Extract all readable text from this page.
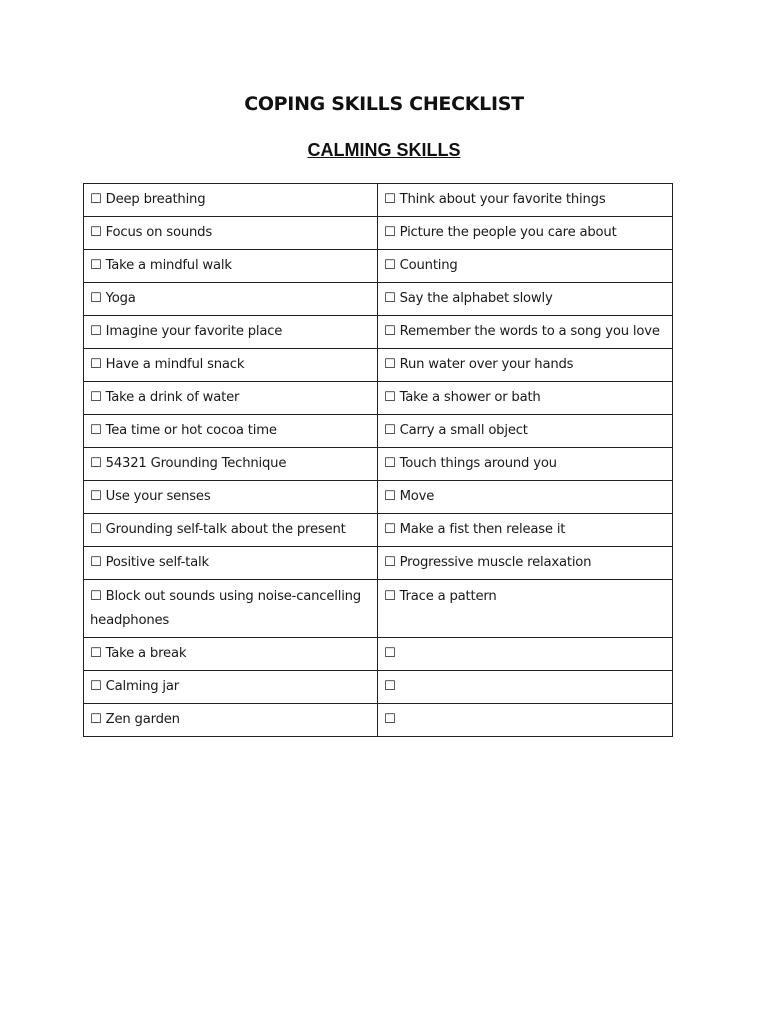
COPING SKILLS CHECKLIST
CALMING SKILLS
☐ Deep breathing	☐ Think about your favorite things
☐ Focus on sounds	☐ Picture the people you care about
☐ Take a mindful walk	☐ Counting
☐ Yoga	☐ Say the alphabet slowly
☐ Imagine your favorite place	☐ Remember the words to a song you love
☐ Have a mindful snack	☐ Run water over your hands
☐ Take a drink of water	☐ Take a shower or bath
☐ Tea time or hot cocoa time	☐ Carry a small object
☐ 54321 Grounding Technique	☐ Touch things around you
☐ Use your senses	☐ Move
☐ Grounding self-talk about the present	☐ Make a fist then release it
☐ Positive self-talk	☐ Progressive muscle relaxation
☐ Block out sounds using noise-cancelling headphones	☐ Trace a pattern
☐ Take a break	☐
☐ Calming jar	☐
☐ Zen garden	☐
